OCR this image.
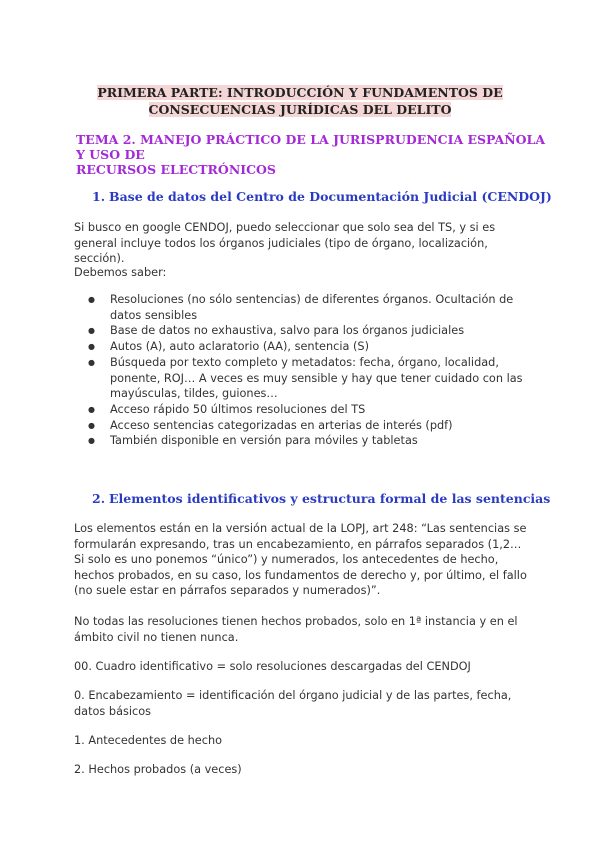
PRIMERA PARTE: INTRODUCCIÓN Y FUNDAMENTOS DE CONSECUENCIAS JURÍDICAS DEL DELITO
TEMA 2. MANEJO PRÁCTICO DE LA JURISPRUDENCIA ESPAÑOLA Y USO DE
RECURSOS ELECTRÓNICOS
1. Base de datos del Centro de Documentación Judicial (CENDOJ)

Si busco en google CENDOJ, puedo seleccionar que solo sea del TS, y si es general incluye todos los órganos judiciales (tipo de órgano, localización, sección).

Debemos saber:

● Resoluciones (no sólo sentencias) de diferentes órganos. Ocultación de datos sensibles
● Base de datos no exhaustiva, salvo para los órganos judiciales
● Autos (A), auto aclaratorio (AA), sentencia (S)
● Búsqueda por texto completo y metadatos: fecha, órgano, localidad, ponente, ROJ… A veces es muy sensible y hay que tener cuidado con las mayúsculas, tildes, guiones…
● Acceso rápido 50 últimos resoluciones del TS
● Acceso sentencias categorizadas en arterias de interés (pdf)
● También disponible en versión para móviles y tabletas
2. Elementos identificativos y estructura formal de las sentencias

Los elementos están en la versión actual de la LOPJ, art 248: “Las sentencias se formularán expresando, tras un encabezamiento, en párrafos separados (1,2… Si solo es uno ponemos “único”) y numerados, los antecedentes de hecho, hechos probados, en su caso, los fundamentos de derecho y, por último, el fallo (no suele estar en párrafos separados y numerados)”.

No todas las resoluciones tienen hechos probados, solo en 1ª instancia y en el ámbito civil no tienen nunca.

00. Cuadro identificativo = solo resoluciones descargadas del CENDOJ

0. Encabezamiento = identificación del órgano judicial y de las partes, fecha, datos básicos

1. Antecedentes de hecho

2. Hechos probados (a veces)
